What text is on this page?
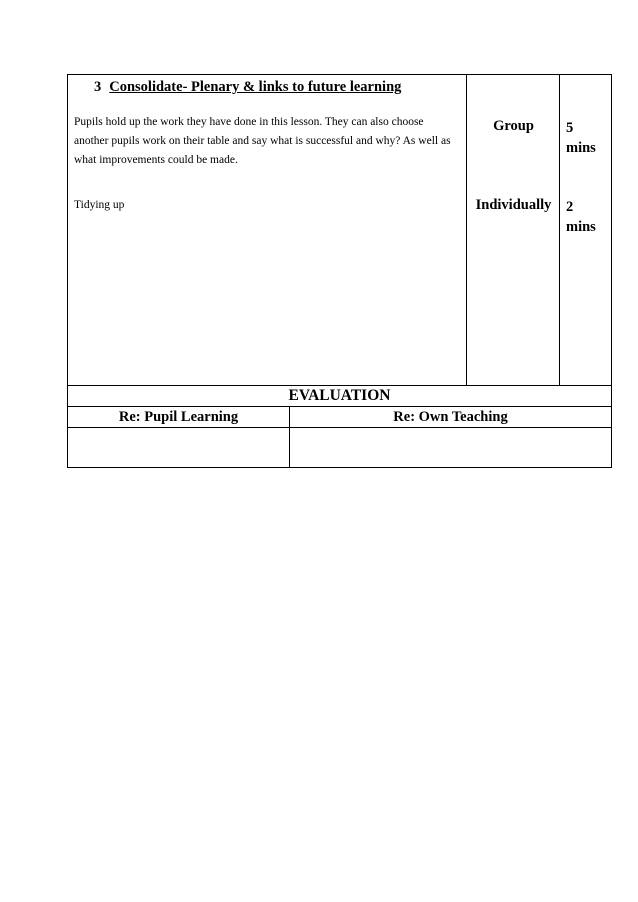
3 Consolidate- Plenary & links to future learning
Pupils hold up the work they have done in this lesson. They can also choose another pupils work on their table and say what is successful and why? As well as what improvements could be made.
Tidying up
Group
Individually
5
mins
2
mins
EVALUATION
Re: Pupil Learning	Re: Own Teaching
